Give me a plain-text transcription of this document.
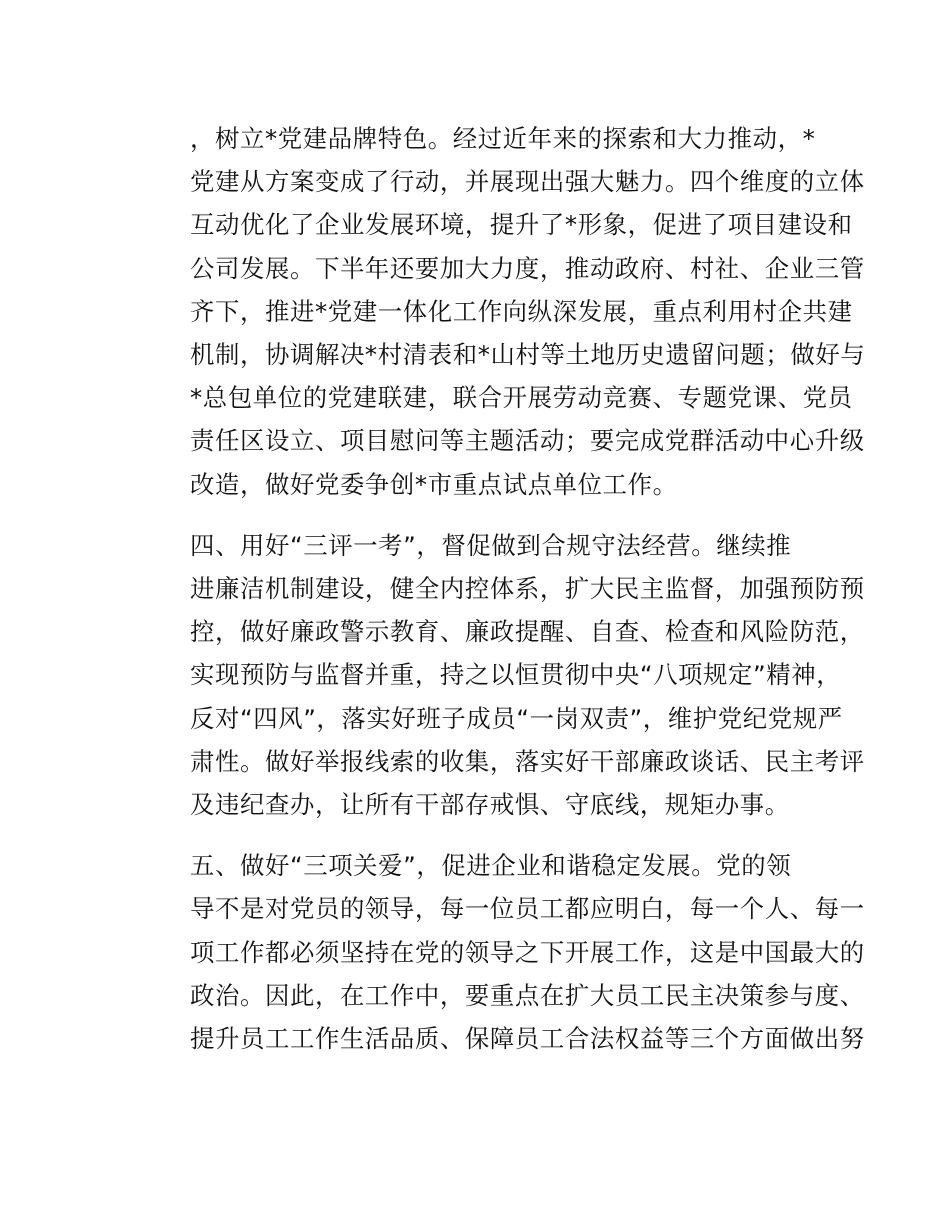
，树立*党建品牌特色。经过近年来的探索和大力推动，*
党建从方案变成了行动，并展现出强大魅力。四个维度的立体
互动优化了企业发展环境，提升了*形象，促进了项目建设和
公司发展。下半年还要加大力度，推动政府、村社、企业三管
齐下，推进*党建一体化工作向纵深发展，重点利用村企共建
机制，协调解决*村清表和*山村等土地历史遗留问题；做好与
*总包单位的党建联建，联合开展劳动竞赛、专题党课、党员
责任区设立、项目慰问等主题活动；要完成党群活动中心升级
改造，做好党委争创*市重点试点单位工作。

四、用好“三评一考”，督促做到合规守法经营。继续推
进廉洁机制建设，健全内控体系，扩大民主监督，加强预防预
控，做好廉政警示教育、廉政提醒、自查、检查和风险防范，
实现预防与监督并重，持之以恒贯彻中央“八项规定”精神，
反对“四风”，落实好班子成员“一岗双责”，维护党纪党规严
肃性。做好举报线索的收集，落实好干部廉政谈话、民主考评
及违纪查办，让所有干部存戒惧、守底线，规矩办事。

五、做好“三项关爱”，促进企业和谐稳定发展。党的领
导不是对党员的领导，每一位员工都应明白，每一个人、每一
项工作都必须坚持在党的领导之下开展工作，这是中国最大的
政治。因此，在工作中，要重点在扩大员工民主决策参与度、
提升员工工作生活品质、保障员工合法权益等三个方面做出努
